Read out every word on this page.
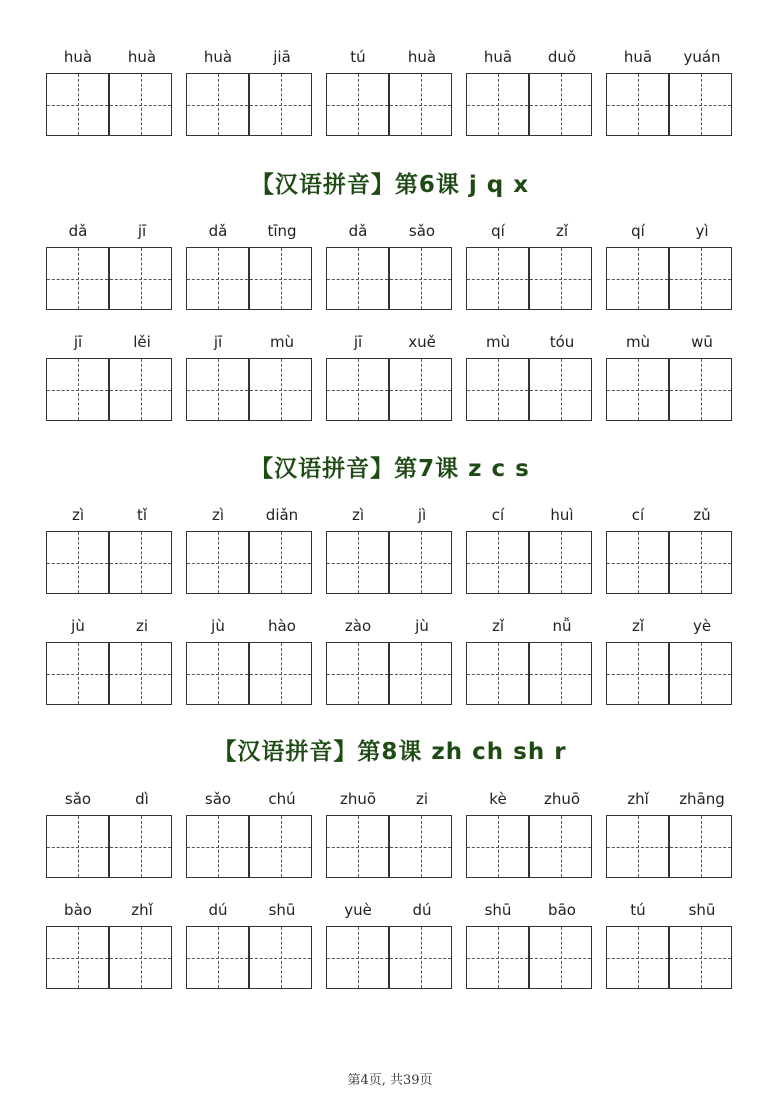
huà	huà	huà	jiā	tú	huà	huā	duǒ	huā	yuán
【汉语拼音】第6课 j q x
dǎ	jī	dǎ	tīng	dǎ	sǎo	qí	zǐ	qí	yì
jī	lěi	jī	mù	jī	xuě	mù	tóu	mù	wū
【汉语拼音】第7课 z c s
zì	tǐ	zì	diǎn	zì	jì	cí	huì	cí	zǔ
jù	zi	jù	hào	zào	jù	zǐ	nǚ	zǐ	yè
【汉语拼音】第8课 zh ch sh r
sǎo	dì	sǎo	chú	zhuō	zi	kè	zhuō	zhǐ	zhāng
bào	zhǐ	dú	shū	yuè	dú	shū	bāo	tú	shū
第4页, 共39页
